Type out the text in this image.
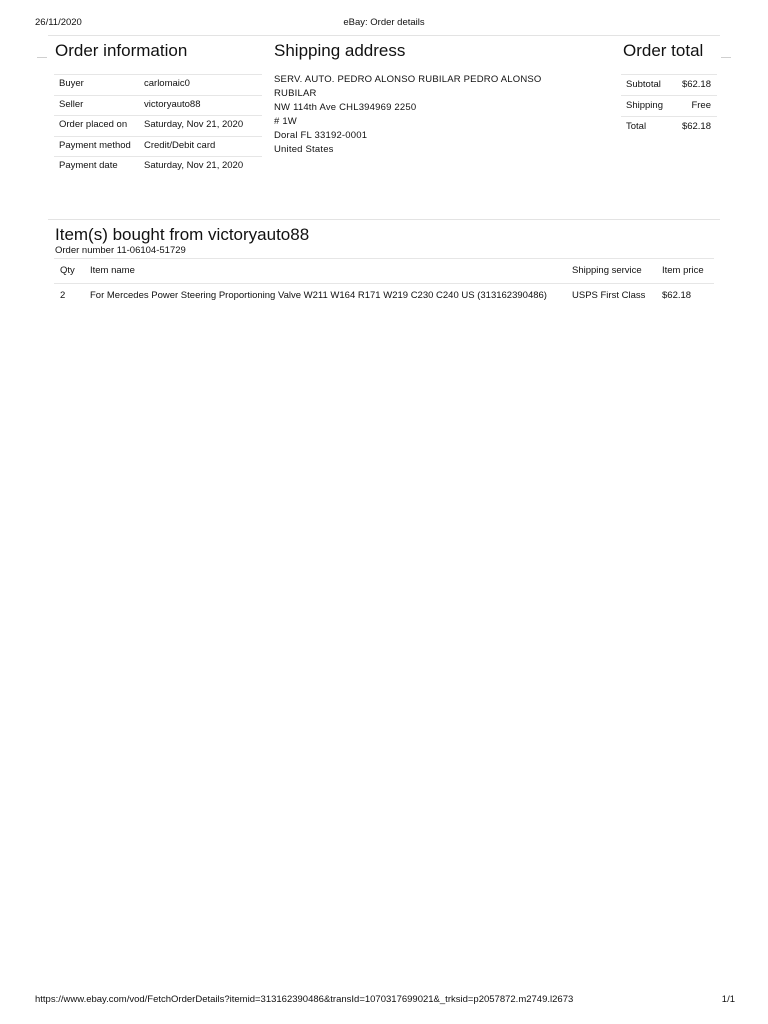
26/11/2020	eBay: Order details
Order information	Shipping address	Order total
Buyer	carlomaic0
Seller	victoryauto88
Order placed on	Saturday, Nov 21, 2020
Payment method	Credit/Debit card
Payment date	Saturday, Nov 21, 2020
SERV. AUTO. PEDRO ALONSO RUBILAR PEDRO ALONSO RUBILAR
NW 114th Ave CHL394969 2250
# 1W
Doral FL 33192-0001
United States
Subtotal $62.18
Shipping	Free
Total	$62.18
Item(s) bought from victoryauto88
Order number 11-06104-51729
Qty	Item name	Shipping service	Item price
2	For Mercedes Power Steering Proportioning Valve W211 W164 R171 W219 C230 C240 US (313162390486)	USPS First Class	$62.18
https://www.ebay.com/vod/FetchOrderDetails?itemid=313162390486&transId=1070317699021&_trksid=p2057872.m2749.l2673	1/1
